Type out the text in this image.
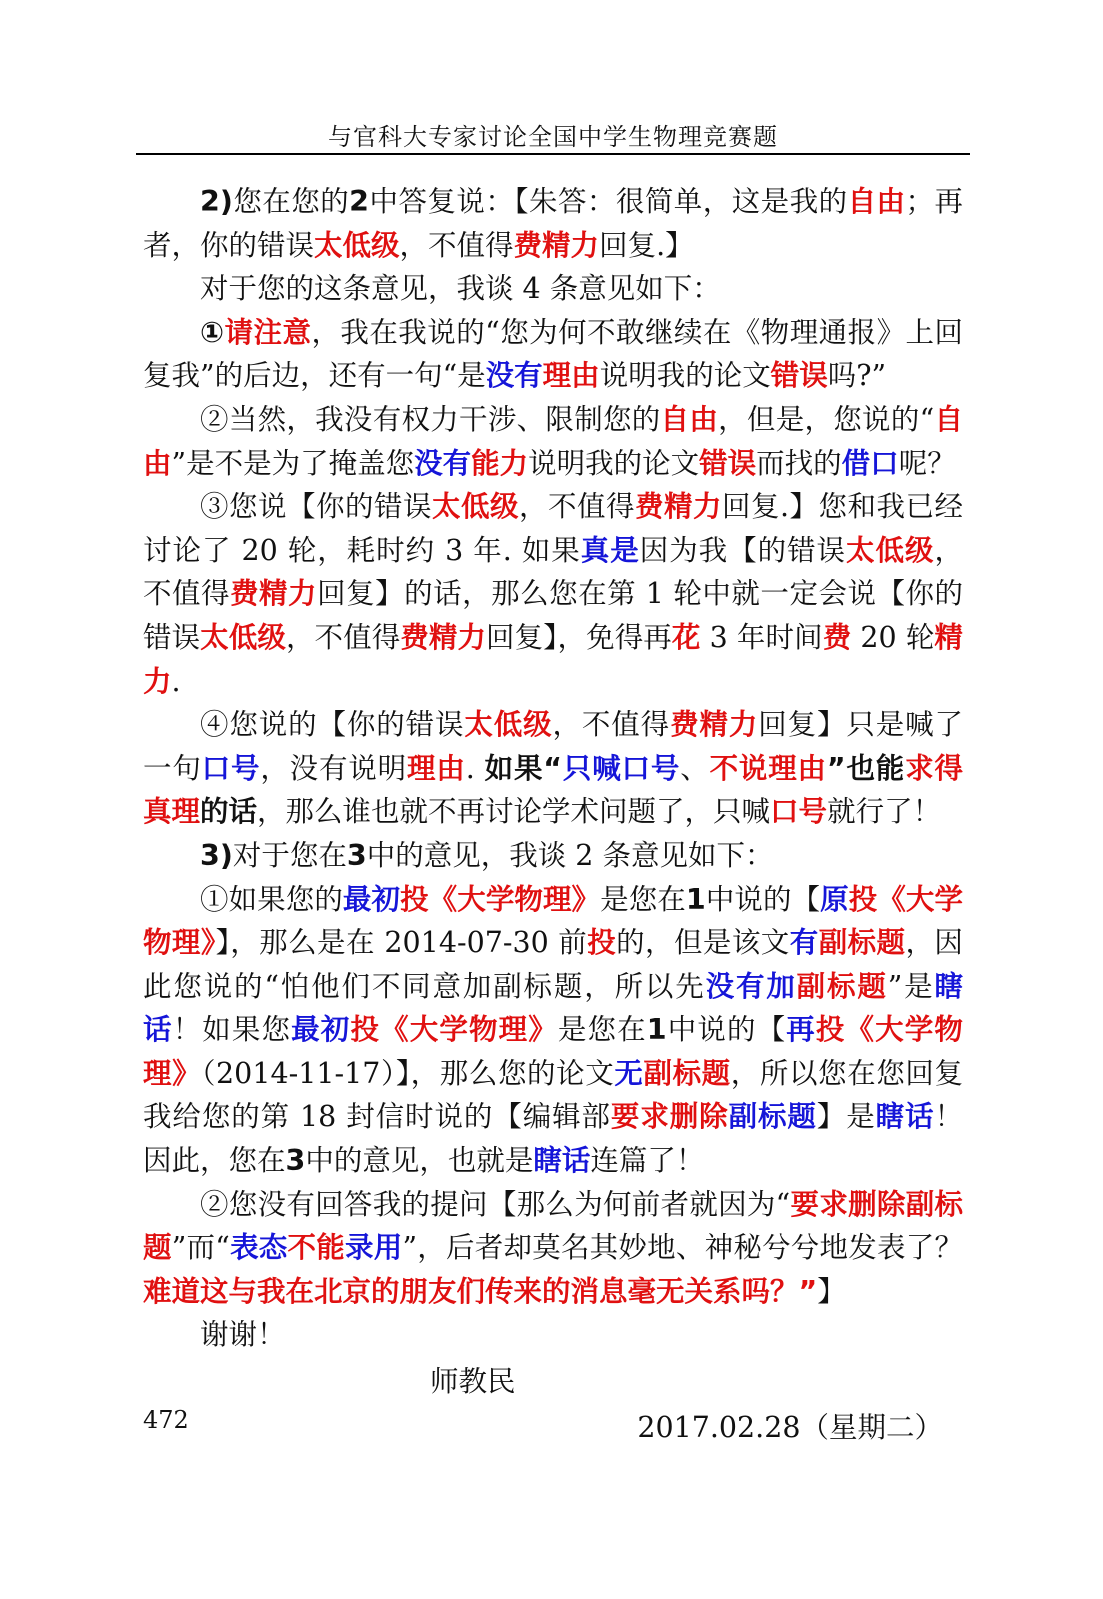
与官科大专家讨论全国中学生物理竞赛题

2)您在您的2中答复说：【朱答：很简单，这是我的自由；再者，你的错误太低级，不值得费精力回复.】

对于您的这条意见，我谈 4 条意见如下：

①请注意，我在我说的“您为何不敢继续在《物理通报》上回复我”的后边，还有一句“是没有理由说明我的论文错误吗?”

②当然，我没有权力干涉、限制您的自由，但是，您说的“自由”是不是为了掩盖您没有能力说明我的论文错误而找的借口呢？

③您说【你的错误太低级，不值得费精力回复.】您和我已经讨论了 20 轮，耗时约 3 年. 如果真是因为我【的错误太低级，不值得费精力回复】的话，那么您在第 1 轮中就一定会说【你的错误太低级，不值得费精力回复】，免得再花 3 年时间费 20 轮精力.

④您说的【你的错误太低级，不值得费精力回复】只是喊了一句口号，没有说明理由. 如果“只喊口号、不说理由”也能求得真理的话，那么谁也就不再讨论学术问题了，只喊口号就行了！

3)对于您在3中的意见，我谈 2 条意见如下：

①如果您的最初投《大学物理》是您在1中说的【原投《大学物理》】，那么是在 2014-07-30 前投的，但是该文有副标题，因此您说的“怕他们不同意加副标题，所以先没有加副标题”是瞎话！如果您最初投《大学物理》是您在1中说的【再投《大学物理》（2014-11-17）】，那么您的论文无副标题，所以您在您回复我给您的第 18 封信时说的【编辑部要求删除副标题】是瞎话！因此，您在3中的意见，也就是瞎话连篇了！

②您没有回答我的提问【那么为何前者就因为“要求删除副标题”而“表态不能录用”，后者却莫名其妙地、神秘兮兮地发表了？难道这与我在北京的朋友们传来的消息毫无关系吗？”】

谢谢！

师教民

2017.02.28（星期二）

472
